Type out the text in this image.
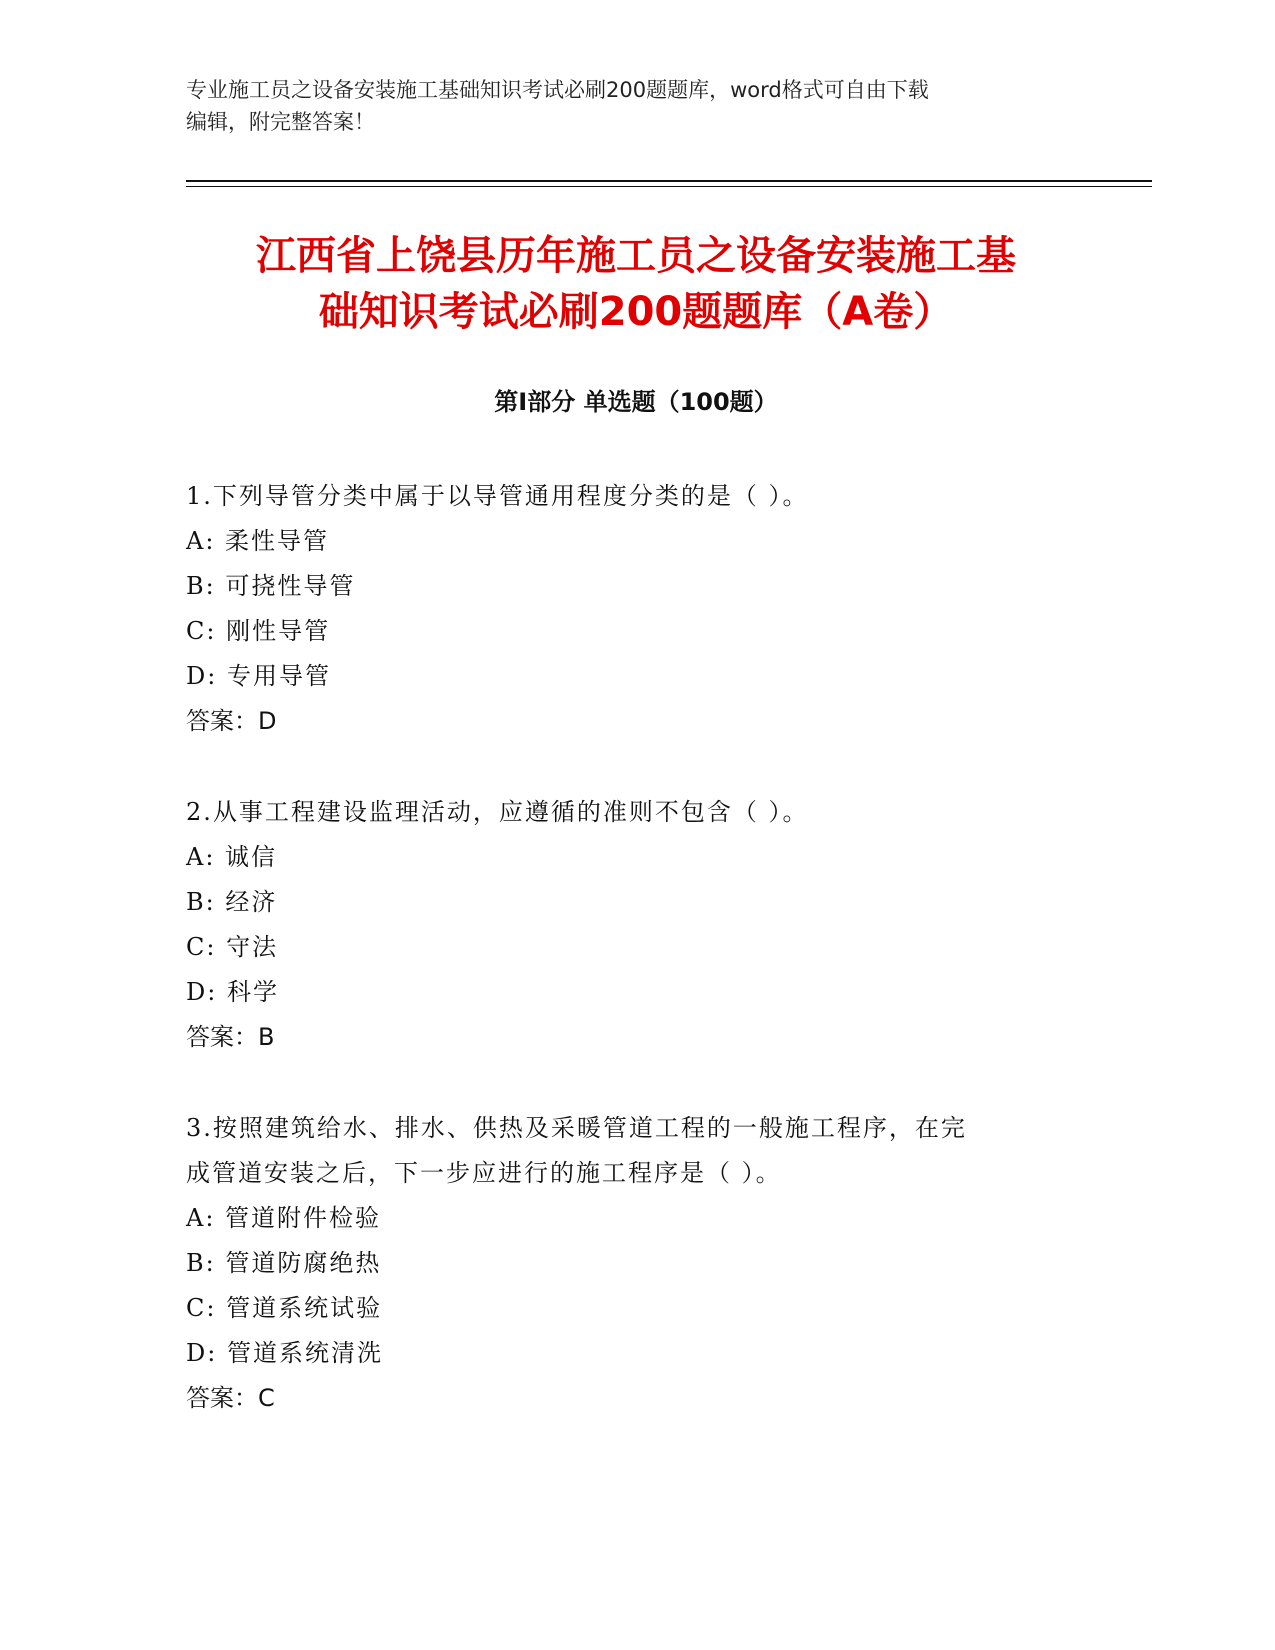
专业施工员之设备安装施工基础知识考试必刷200题题库，word格式可自由下载
编辑，附完整答案！
江西省上饶县历年施工员之设备安装施工基
础知识考试必刷200题题库（A卷）
第I部分 单选题（100题）

1.下列导管分类中属于以导管通用程度分类的是（ ）。

A: 柔性导管

B: 可挠性导管

C: 刚性导管

D: 专用导管

答案：D

2.从事工程建设监理活动，应遵循的准则不包含（ ）。

A: 诚信

B: 经济

C: 守法

D: 科学

答案：B

3.按照建筑给水、排水、供热及采暖管道工程的一般施工程序，在完

成管道安装之后，下一步应进行的施工程序是（ ）。

A: 管道附件检验

B: 管道防腐绝热

C: 管道系统试验

D: 管道系统清洗

答案：C
